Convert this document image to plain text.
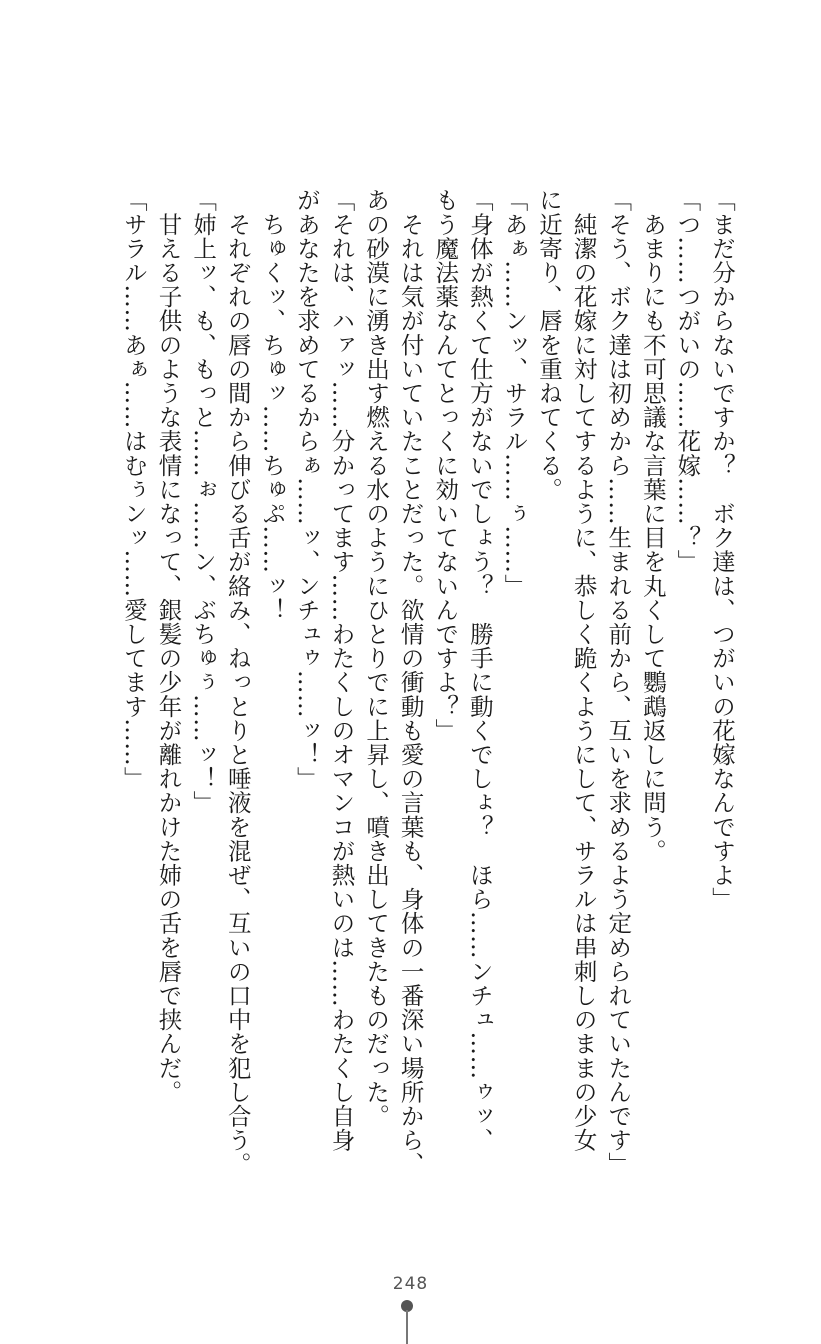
「まだ分からないですか？　ボク達は、つがいの花嫁なんですよ」
「つ……つがいの……花嫁……？」
　あまりにも不可思議な言葉に目を丸くして鸚鵡返しに問う。
「そう、ボク達は初めから……生まれる前から、互いを求めるよう定められていたんです」
　純潔の花嫁に対してするように、恭しく跪くようにして、サラルは串刺しのままの少女
に近寄り、唇を重ねてくる。
「あぁ……ンッ、サラル……ぅ……」
「身体が熱くて仕方がないでしょう？　勝手に動くでしょ？　ほら……ンチュ……ゥッ、
もう魔法薬なんてとっくに効いてないんですよ？」
　それは気が付いていたことだった。欲情の衝動も愛の言葉も、身体の一番深い場所から、
あの砂漠に湧き出す燃える水のようにひとりでに上昇し、噴き出してきたものだった。
「それは、ハァッ……分かってます……わたくしのオマンコが熱いのは……わたくし自身
があなたを求めてるからぁ……ッ、ンチュゥ……ッ！」
　ちゅくッ、ちゅッ……ちゅぷ……ッ！
　それぞれの唇の間から伸びる舌が絡み、ねっとりと唾液を混ぜ、互いの口中を犯し合う。
「姉上ッ、も、もっと……ぉ……ン、ぶちゅぅ……ッ！」
　甘える子供のような表情になって、銀髪の少年が離れかけた姉の舌を唇で挟んだ。
「サラル……あぁ……はむぅンッ……愛してます……」
248
